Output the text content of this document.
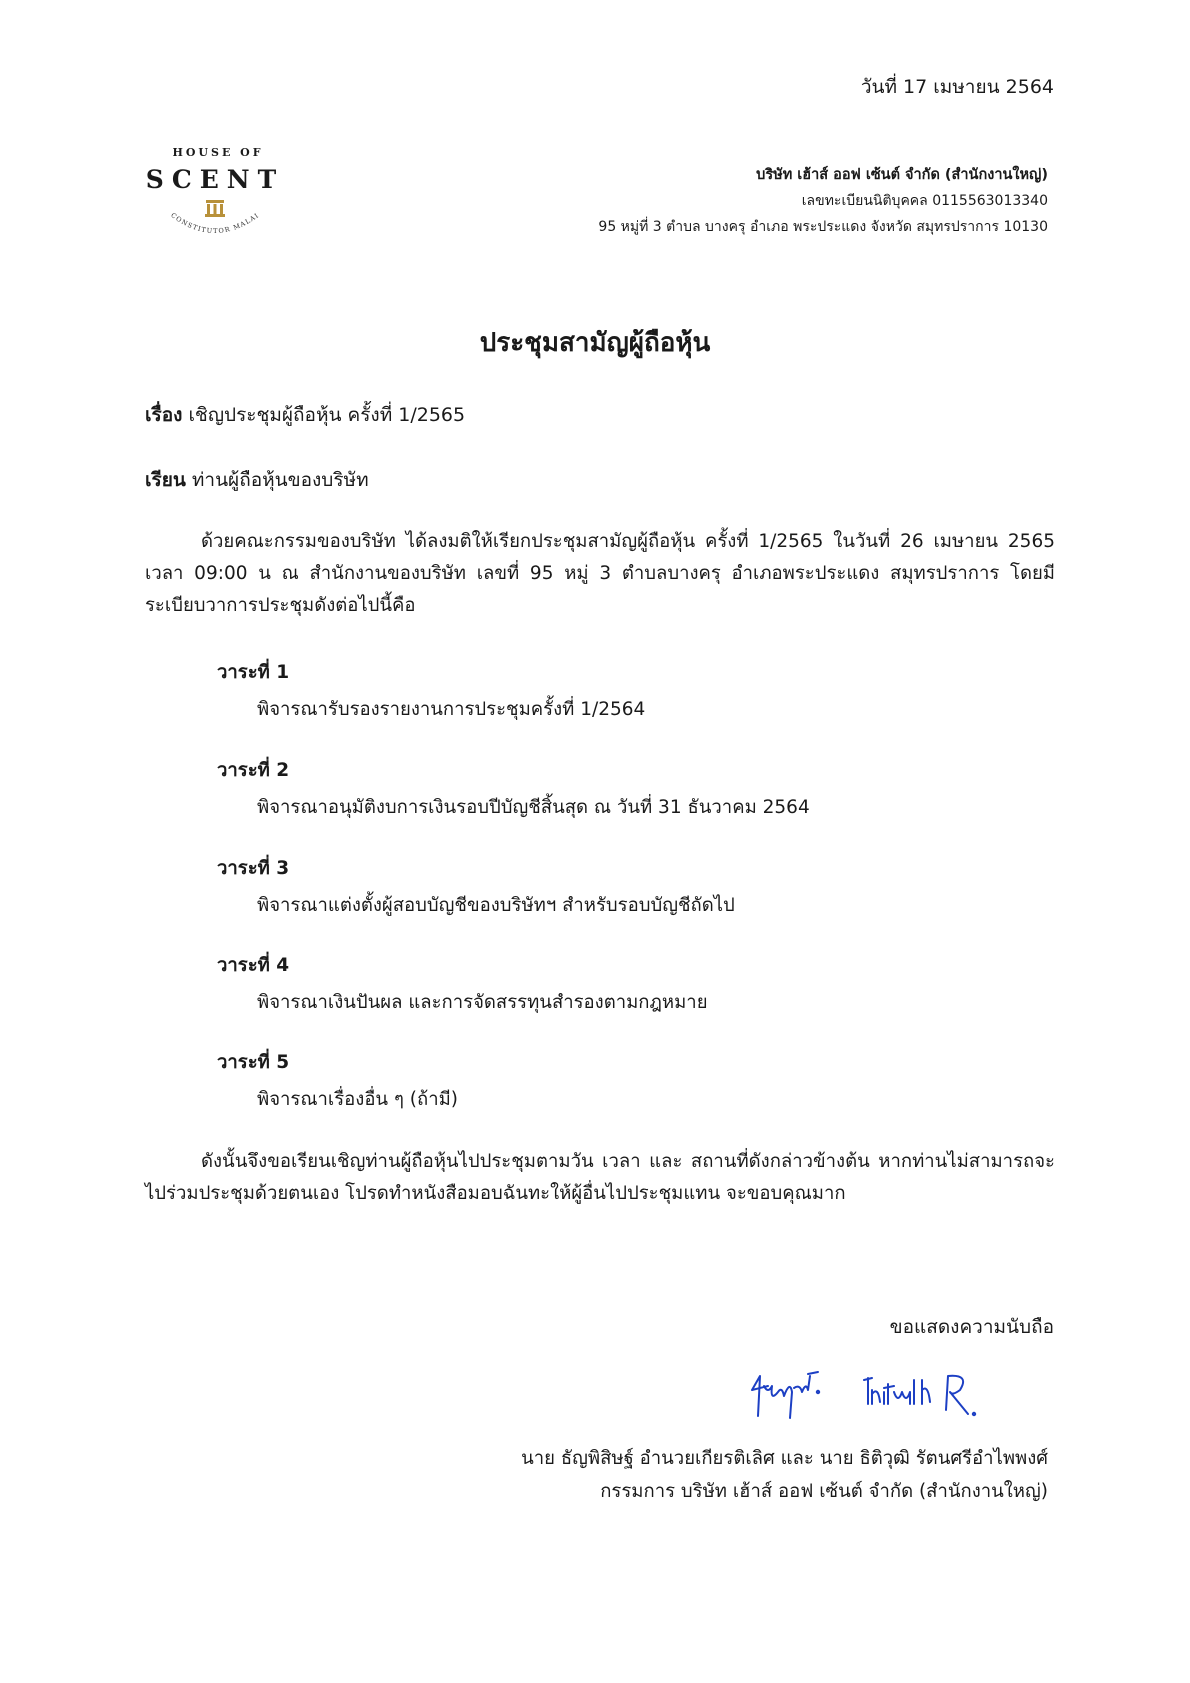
วันที่ 17 เมษายน 2564
HOUSE OF
SCENT
CONSTITUTOR MALAI
บริษัท เฮ้าส์ ออฟ เซ้นต์ จำกัด (สำนักงานใหญ่)
เลขทะเบียนนิติบุคคล 0115563013340
95 หมู่ที่ 3 ตำบล บางครุ อำเภอ พระประแดง จังหวัด สมุทรปราการ 10130
ประชุมสามัญผู้ถือหุ้น
เรื่อง เชิญประชุมผู้ถือหุ้น ครั้งที่ 1/2565
เรียน ท่านผู้ถือหุ้นของบริษัท
ด้วยคณะกรรมของบริษัท ได้ลงมติให้เรียกประชุมสามัญผู้ถือหุ้น ครั้งที่ 1/2565 ในวันที่ 26 เมษายน 2565 เวลา 09:00 น ณ สำนักงานของบริษัท เลขที่ 95 หมู่ 3 ตำบลบางครุ อำเภอพระประแดง สมุทรปราการ โดยมีระเบียบวาการประชุมดังต่อไปนี้คือ
วาระที่ 1
พิจารณารับรองรายงานการประชุมครั้งที่ 1/2564
วาระที่ 2
พิจารณาอนุมัติงบการเงินรอบปีบัญชีสิ้นสุด ณ วันที่ 31 ธันวาคม 2564
วาระที่ 3
พิจารณาแต่งตั้งผู้สอบบัญชีของบริษัทฯ สำหรับรอบบัญชีถัดไป
วาระที่ 4
พิจารณาเงินปันผล และการจัดสรรทุนสำรองตามกฎหมาย
วาระที่ 5
พิจารณาเรื่องอื่น ๆ (ถ้ามี)
ดังนั้นจึงขอเรียนเชิญท่านผู้ถือหุ้นไปประชุมตามวัน เวลา และ สถานที่ดังกล่าวข้างต้น หากท่านไม่สามารถจะไปร่วมประชุมด้วยตนเอง โปรดทำหนังสือมอบฉันทะให้ผู้อื่นไปประชุมแทน จะขอบคุณมาก
ขอแสดงความนับถือ
นาย ธัญพิสิษฐ์ อำนวยเกียรติเลิศ และ นาย ธิติวุฒิ รัตนศรีอำไพพงศ์
กรรมการ บริษัท เฮ้าส์ ออฟ เซ้นต์ จำกัด (สำนักงานใหญ่)
